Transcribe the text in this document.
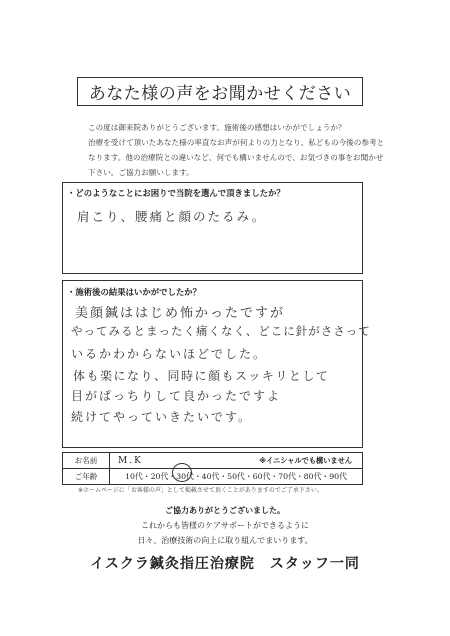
あなた様の声をお聞かせください
この度は御来院ありがとうございます。施術後の感想はいかがでしょうか？
治療を受けて頂いたあなた様の率直なお声が何よりの力となり、私どもの今後の参考と
なります。他の治療院との違いなど、何でも構いませんので、お気づきの事をお聞かせ
下さい。ご協力お願いします。
・どのようなことにお困りで当院を選んで頂きましたか？
肩こり、腰痛と顔のたるみ。
・施術後の結果はいかがでしたか？
美顔鍼ははじめ怖かったですが
やってみるとまったく痛くなく、どこに針がささって
いるかわからないほどでした。
体も楽になり、同時に顔もスッキリとして
目がぱっちりして良かったですよ
続けてやっていきたいです。
お名前	M.K ※イニシャルでも構いません

ご年齢	10代・20代・30代・40代・50代・60代・70代・80代・90代
※ホームページに「お客様の声」として掲載させて頂くことがありますのでご了承下さい。
ご協力ありがとうございました。
これからも皆様のケアサポートができるように
日々、治療技術の向上に取り組んでまいります。
イスクラ鍼灸指圧治療院　スタッフ一同
